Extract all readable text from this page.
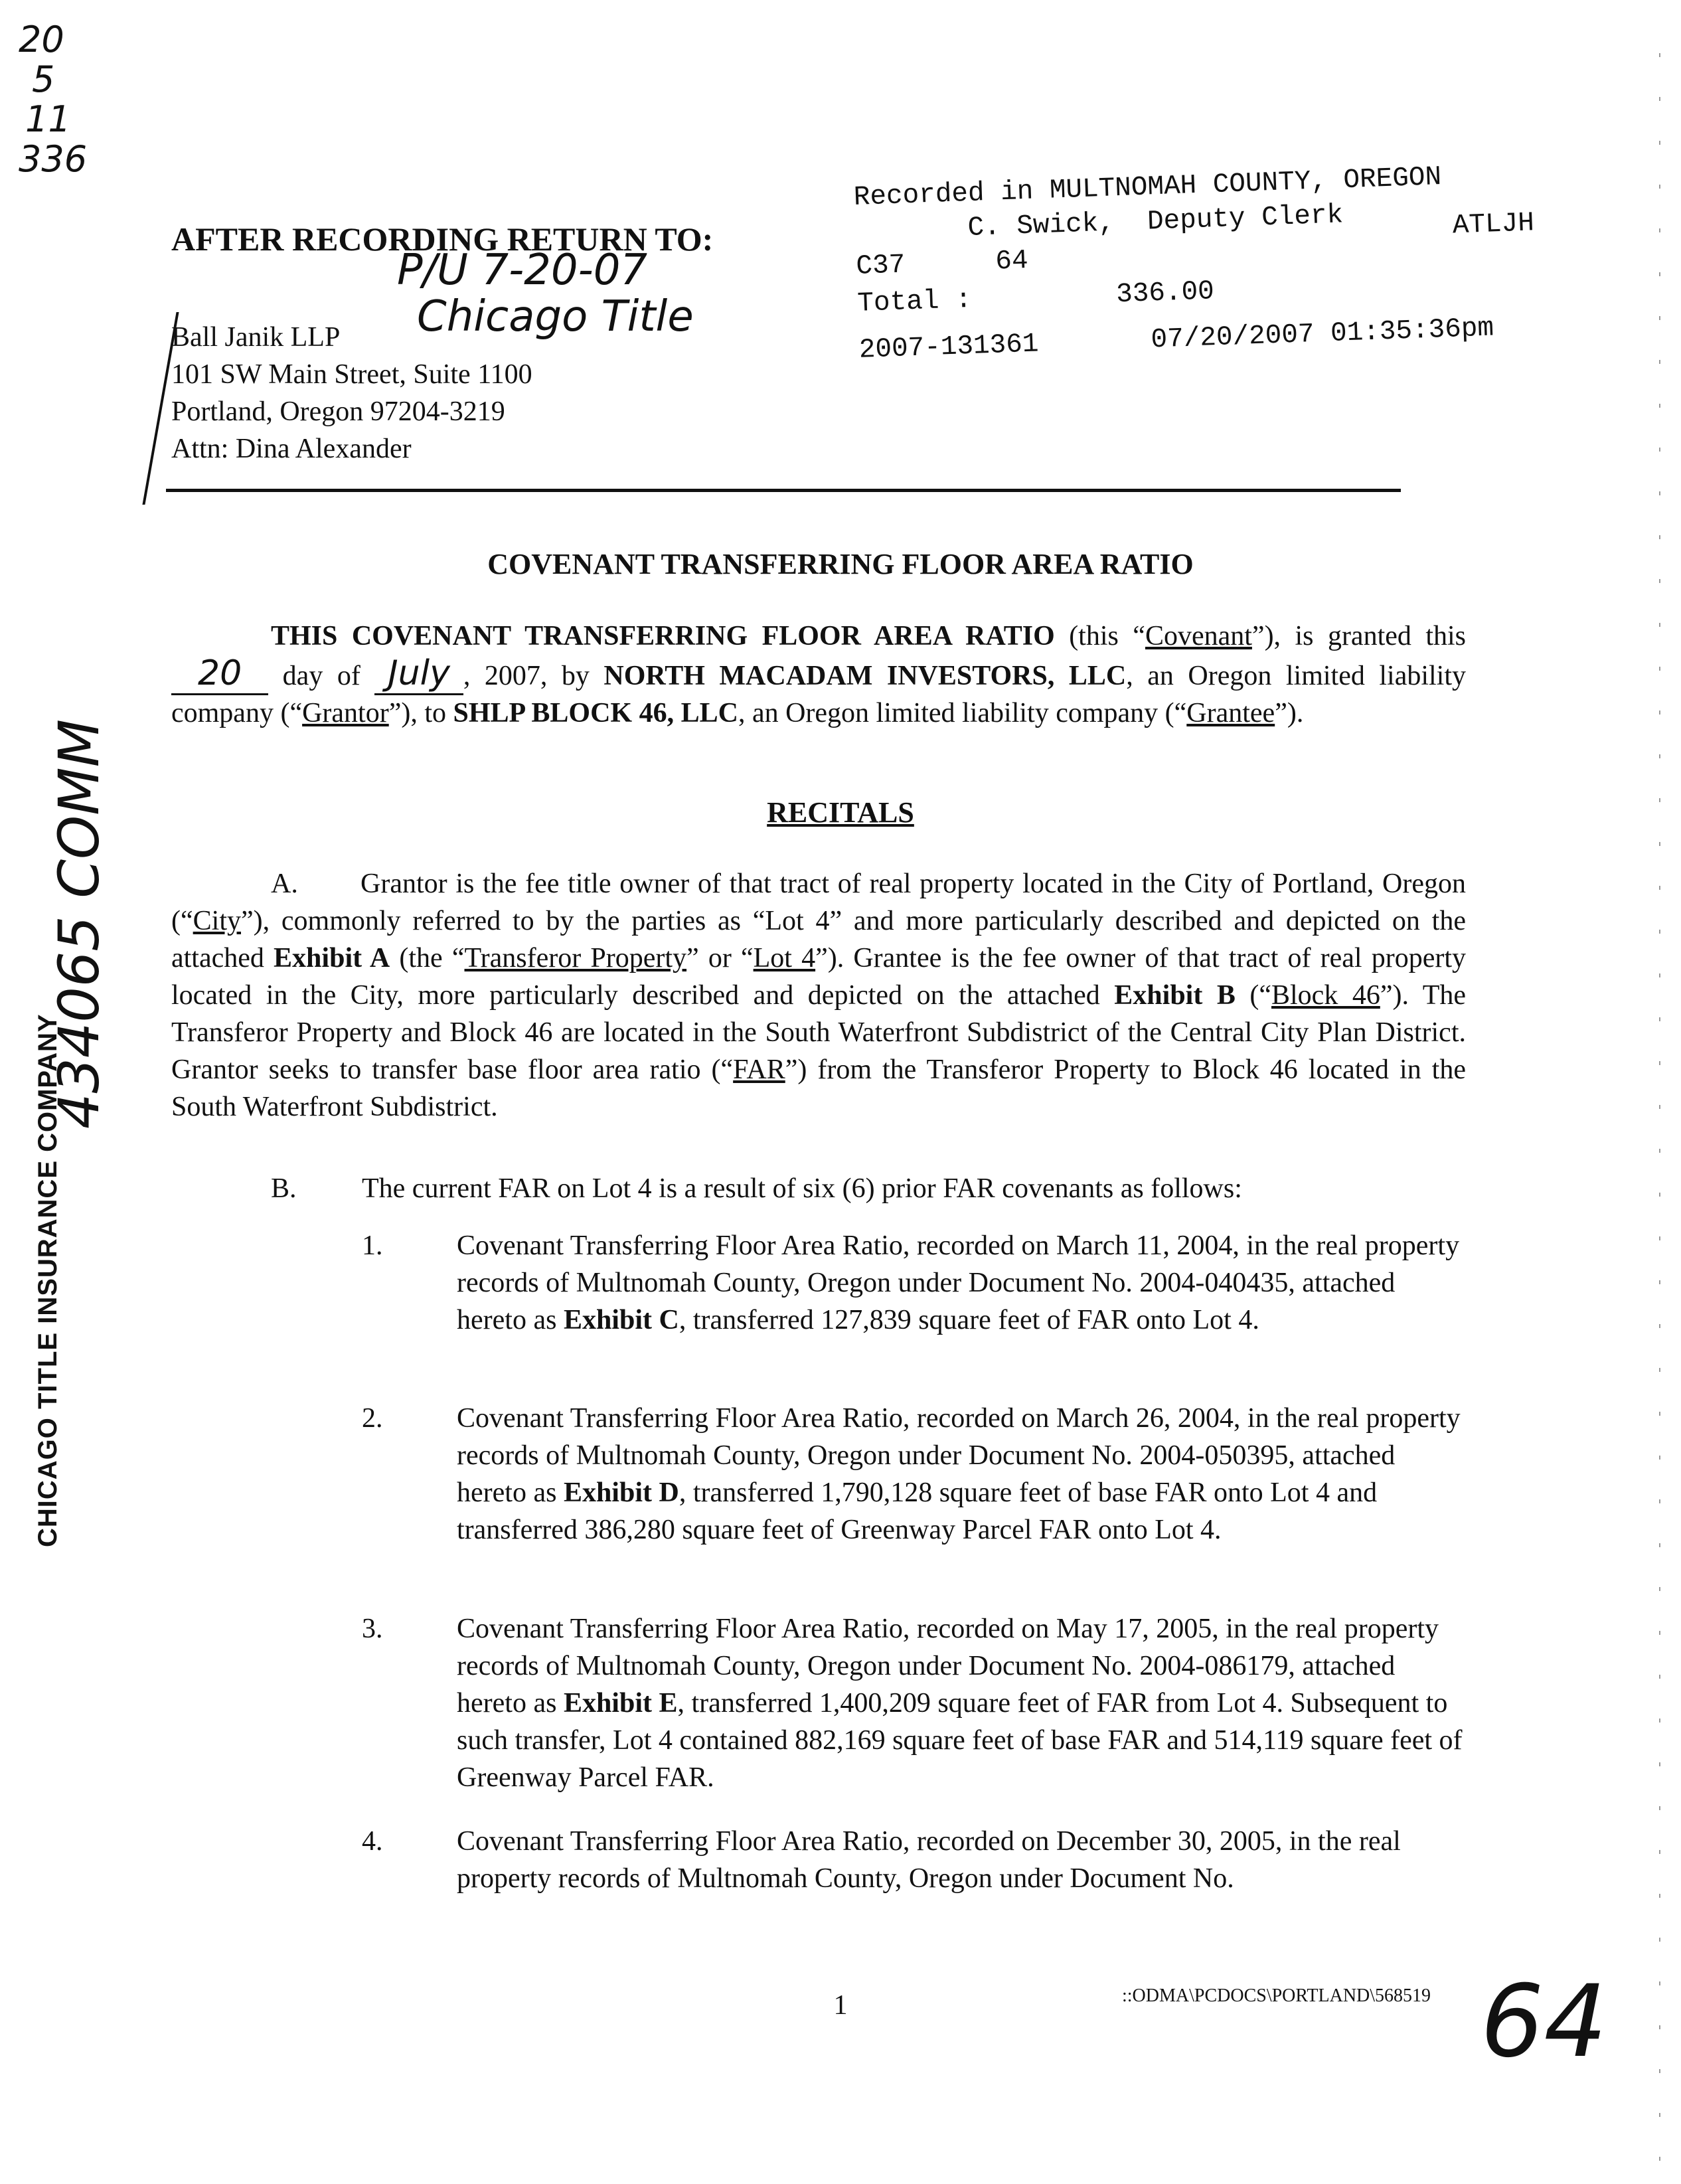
20
5
11
336
434065 COMM
CHICAGO TITLE INSURANCE COMPANY
AFTER RECORDING RETURN TO:
P/U 7-20-07
Chicago Title
Ball Janik LLP
101 SW Main Street, Suite 1100
Portland, Oregon 97204-3219
Attn: Dina Alexander
Recorded in MULTNOMAH COUNTY, OREGON
C. Swick,  Deputy Clerk
C37	64
ATLJH
Total :	336.00
2007-131361	07/20/2007 01:35:36pm
COVENANT TRANSFERRING FLOOR AREA RATIO
THIS COVENANT TRANSFERRING FLOOR AREA RATIO (this “Covenant”), is granted this 20 day of July , 2007, by NORTH MACADAM INVESTORS, LLC, an Oregon limited liability company (“Grantor”), to SHLP BLOCK 46, LLC, an Oregon limited liability company (“Grantee”).
RECITALS
A.	Grantor is the fee title owner of that tract of real property located in the City of Portland, Oregon (“City”), commonly referred to by the parties as “Lot 4” and more particularly described and depicted on the attached Exhibit A (the “Transferor Property” or “Lot 4”). Grantee is the fee owner of that tract of real property located in the City, more particularly described and depicted on the attached Exhibit B (“Block 46”). The Transferor Property and Block 46 are located in the South Waterfront Subdistrict of the Central City Plan District. Grantor seeks to transfer base floor area ratio (“FAR”) from the Transferor Property to Block 46 located in the South Waterfront Subdistrict.
B. The current FAR on Lot 4 is a result of six (6) prior FAR covenants as follows:
1.	Covenant Transferring Floor Area Ratio, recorded on March 11, 2004, in the real property records of Multnomah County, Oregon under Document No. 2004-040435, attached hereto as Exhibit C, transferred 127,839 square feet of FAR onto Lot 4.
2.	Covenant Transferring Floor Area Ratio, recorded on March 26, 2004, in the real property records of Multnomah County, Oregon under Document No. 2004-050395, attached hereto as Exhibit D, transferred 1,790,128 square feet of base FAR onto Lot 4 and transferred 386,280 square feet of Greenway Parcel FAR onto Lot 4.
3.	Covenant Transferring Floor Area Ratio, recorded on May 17, 2005, in the real property records of Multnomah County, Oregon under Document No. 2004-086179, attached hereto as Exhibit E, transferred 1,400,209 square feet of FAR from Lot 4. Subsequent to such transfer, Lot 4 contained 882,169 square feet of base FAR and 514,119 square feet of Greenway Parcel FAR.
4.	Covenant Transferring Floor Area Ratio, recorded on December 30, 2005, in the real property records of Multnomah County, Oregon under Document No.
1	::ODMA\PCDOCS\PORTLAND\568519 64
